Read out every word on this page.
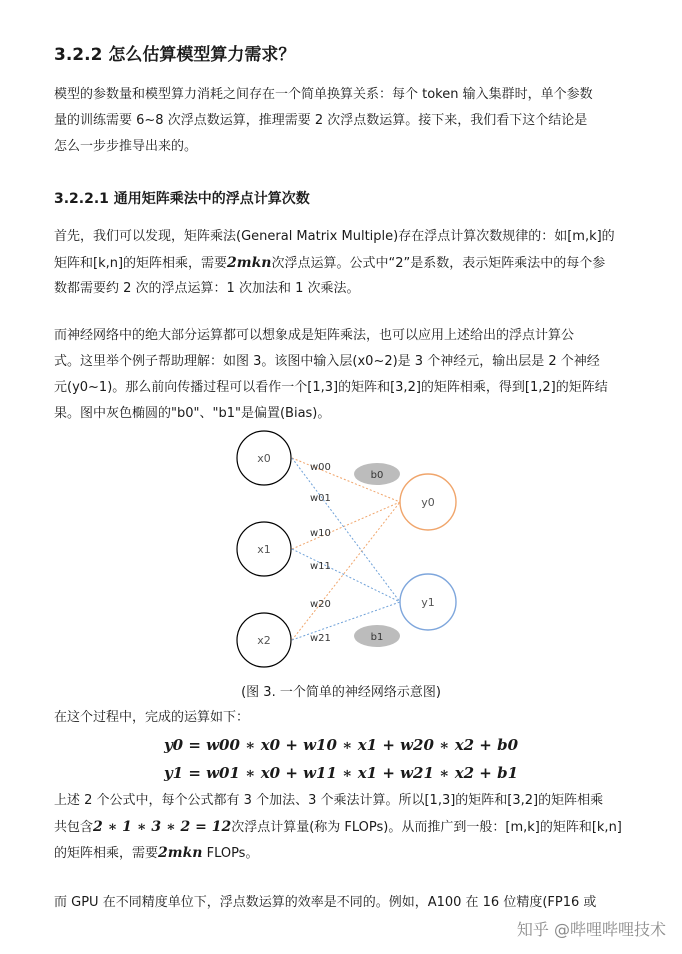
3.2.2 怎么估算模型算力需求？
模型的参数量和模型算力消耗之间存在一个简单换算关系：每个 token 输入集群时，单个参数
量的训练需要 6~8 次浮点数运算，推理需要 2 次浮点数运算。接下来，我们看下这个结论是
怎么一步步推导出来的。
3.2.2.1 通用矩阵乘法中的浮点计算次数
首先，我们可以发现，矩阵乘法(General Matrix Multiple)存在浮点计算次数规律的：如[m,k]的
矩阵和[k,n]的矩阵相乘，需要2mkn次浮点运算。公式中“2”是系数，表示矩阵乘法中的每个参
数都需要约 2 次的浮点运算：1 次加法和 1 次乘法。
而神经网络中的绝大部分运算都可以想象成是矩阵乘法，也可以应用上述给出的浮点计算公
式。这里举个例子帮助理解：如图 3。该图中输入层(x0~2)是 3 个神经元，输出层是 2 个神经
元(y0~1)。那么前向传播过程可以看作一个[1,3]的矩阵和[3,2]的矩阵相乘，得到[1,2]的矩阵结
果。图中灰色椭圆的"b0"、"b1"是偏置(Bias)。
x0
x1
x2
y0
y1
b0
b1
w00
w01
w10
w11
w20
w21
(图 3. 一个简单的神经网络示意图)
在这个过程中，完成的运算如下：
y0 = w00 ∗ x0 + w10 ∗ x1 + w20 ∗ x2 + b0
y1 = w01 ∗ x0 + w11 ∗ x1 + w21 ∗ x2 + b1
上述 2 个公式中，每个公式都有 3 个加法、3 个乘法计算。所以[1,3]的矩阵和[3,2]的矩阵相乘
共包含2 ∗ 1 ∗ 3 ∗ 2 = 12次浮点计算量(称为 FLOPs)。从而推广到一般：[m,k]的矩阵和[k,n]
的矩阵相乘，需要2mkn FLOPs。
而 GPU 在不同精度单位下，浮点数运算的效率是不同的。例如，A100 在 16 位精度(FP16 或
知乎 @哔哩哔哩技术
